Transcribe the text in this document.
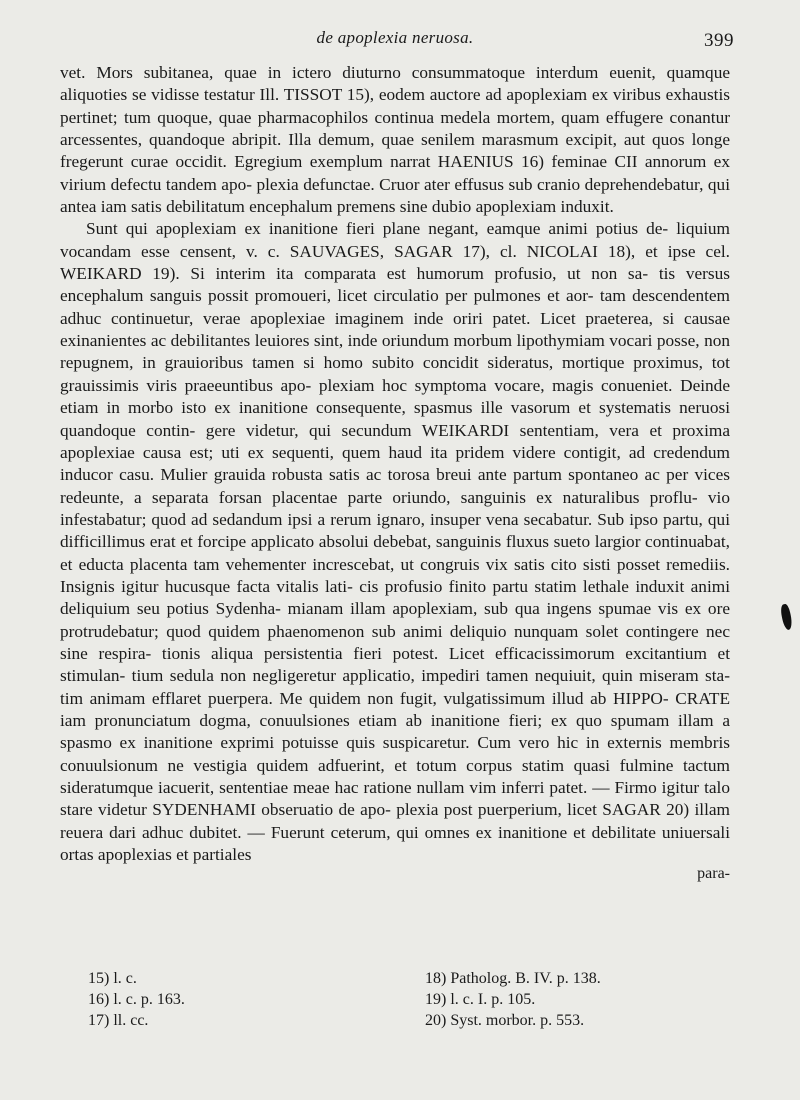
de apoplexia neruosa.	399

vet. Mors subitanea, quae in ictero diuturno consummatoque interdum euenit, quamque aliquoties se vidisse testatur Ill. TISSOT 15), eodem auctore ad apoplexiam ex viribus exhaustis pertinet; tum quoque, quae pharmacophilos continua medela mortem, quam effugere conantur arcessentes, quandoque abripit. Illa demum, quae senilem marasmum excipit, aut quos longe fregerunt curae occidit. Egregium exemplum narrat HAENIUS 16) feminae CII annorum ex virium defectu tandem apo- plexia defunctae. Cruor ater effusus sub cranio deprehendebatur, qui antea iam satis debilitatum encephalum premens sine dubio apoplexiam induxit.

Sunt qui apoplexiam ex inanitione fieri plane negant, eamque animi potius de- liquium vocandam esse censent, v. c. SAUVAGES, SAGAR 17), cl. NICOLAI 18), et ipse cel. WEIKARD 19). Si interim ita comparata est humorum profusio, ut non sa- tis versus encephalum sanguis possit promoueri, licet circulatio per pulmones et aor- tam descendentem adhuc continuetur, verae apoplexiae imaginem inde oriri patet. Licet praeterea, si causae exinanientes ac debilitantes leuiores sint, inde oriundum morbum lipothymiam vocari posse, non repugnem, in grauioribus tamen si homo subito concidit sideratus, mortique proximus, tot grauissimis viris praeeuntibus apo- plexiam hoc symptoma vocare, magis conueniet. Deinde etiam in morbo isto ex inanitione consequente, spasmus ille vasorum et systematis neruosi quandoque contin- gere videtur, qui secundum WEIKARDI sententiam, vera et proxima apoplexiae causa est; uti ex sequenti, quem haud ita pridem videre contigit, ad credendum inducor casu. Mulier grauida robusta satis ac torosa breui ante partum spontaneo ac per vices redeunte, a separata forsan placentae parte oriundo, sanguinis ex naturalibus proflu- vio infestabatur; quod ad sedandum ipsi a rerum ignaro, insuper vena secabatur. Sub ipso partu, qui difficillimus erat et forcipe applicato absolui debebat, sanguinis fluxus sueto largior continuabat, et educta placenta tam vehementer increscebat, ut congruis vix satis cito sisti posset remediis. Insignis igitur hucusque facta vitalis lati- cis profusio finito partu statim lethale induxit animi deliquium seu potius Sydenha- mianam illam apoplexiam, sub qua ingens spumae vis ex ore protrudebatur; quod quidem phaenomenon sub animi deliquio nunquam solet contingere nec sine respira- tionis aliqua persistentia fieri potest. Licet efficacissimorum excitantium et stimulan- tium sedula non negligeretur applicatio, impediri tamen nequiuit, quin miseram sta- tim animam efflaret puerpera. Me quidem non fugit, vulgatissimum illud ab HIPPO- CRATE iam pronunciatum dogma, conuulsiones etiam ab inanitione fieri; ex quo spumam illam a spasmo ex inanitione exprimi potuisse quis suspicaretur. Cum vero hic in externis membris conuulsionum ne vestigia quidem adfuerint, et totum corpus statim quasi fulmine tactum sideratumque iacuerit, sententiae meae hac ratione nullam vim inferri patet. — Firmo igitur talo stare videtur SYDENHAMI obseruatio de apo- plexia post puerperium, licet SAGAR 20) illam reuera dari adhuc dubitet. — Fuerunt ceterum, qui omnes ex inanitione et debilitate uniuersali ortas apoplexias et partiales

para-
15) l. c.
16) l. c. p. 163.
17) ll. cc.
18) Patholog. B. IV. p. 138.
19) l. c. I. p. 105.
20) Syst. morbor. p. 553.
